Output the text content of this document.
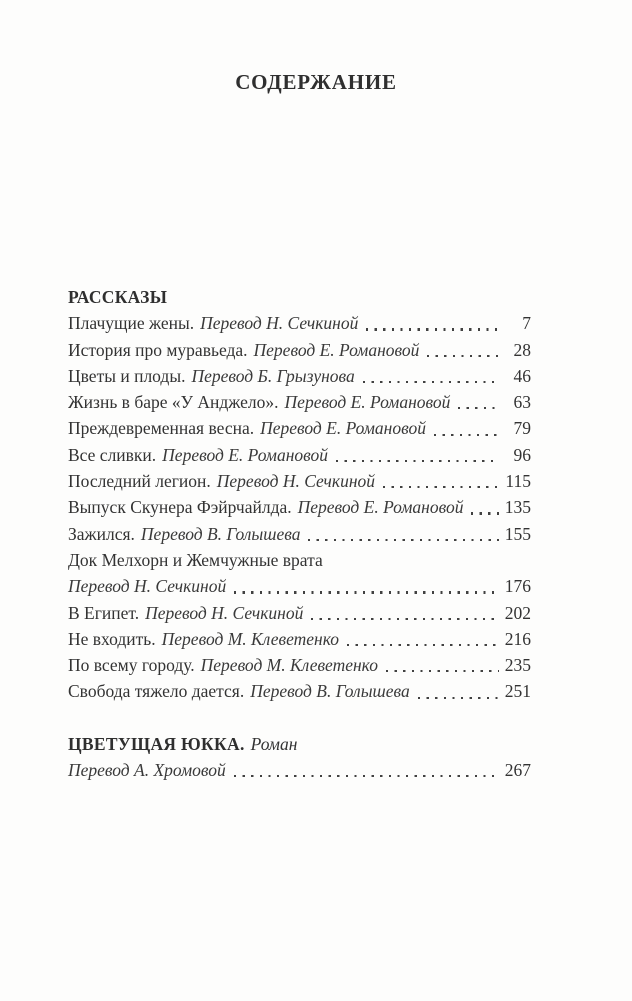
СОДЕРЖАНИЕ
РАССКАЗЫ
Плачущие жены. Перевод Н. Сечкиной	7
История про муравьеда. Перевод Е. Романовой	28
Цветы и плоды. Перевод Б. Грызунова	46
Жизнь в баре «У Анджело». Перевод Е. Романовой	63
Преждевременная весна. Перевод Е. Романовой	79
Все сливки. Перевод Е. Романовой	96
Последний легион. Перевод Н. Сечкиной	115
Выпуск Скунера Фэйрчайлда. Перевод Е. Романовой 135
Зажился. Перевод В. Голышева	155
Док Мелхорн и Жемчужные врата
Перевод Н. Сечкиной	176
В Египет. Перевод Н. Сечкиной	202
Не входить. Перевод М. Клеветенко	216
По всему городу. Перевод М. Клеветенко	235
Свобода тяжело дается. Перевод В. Голышева	251
ЦВЕТУЩАЯ ЮККА. Роман
Перевод А. Хромовой	267
